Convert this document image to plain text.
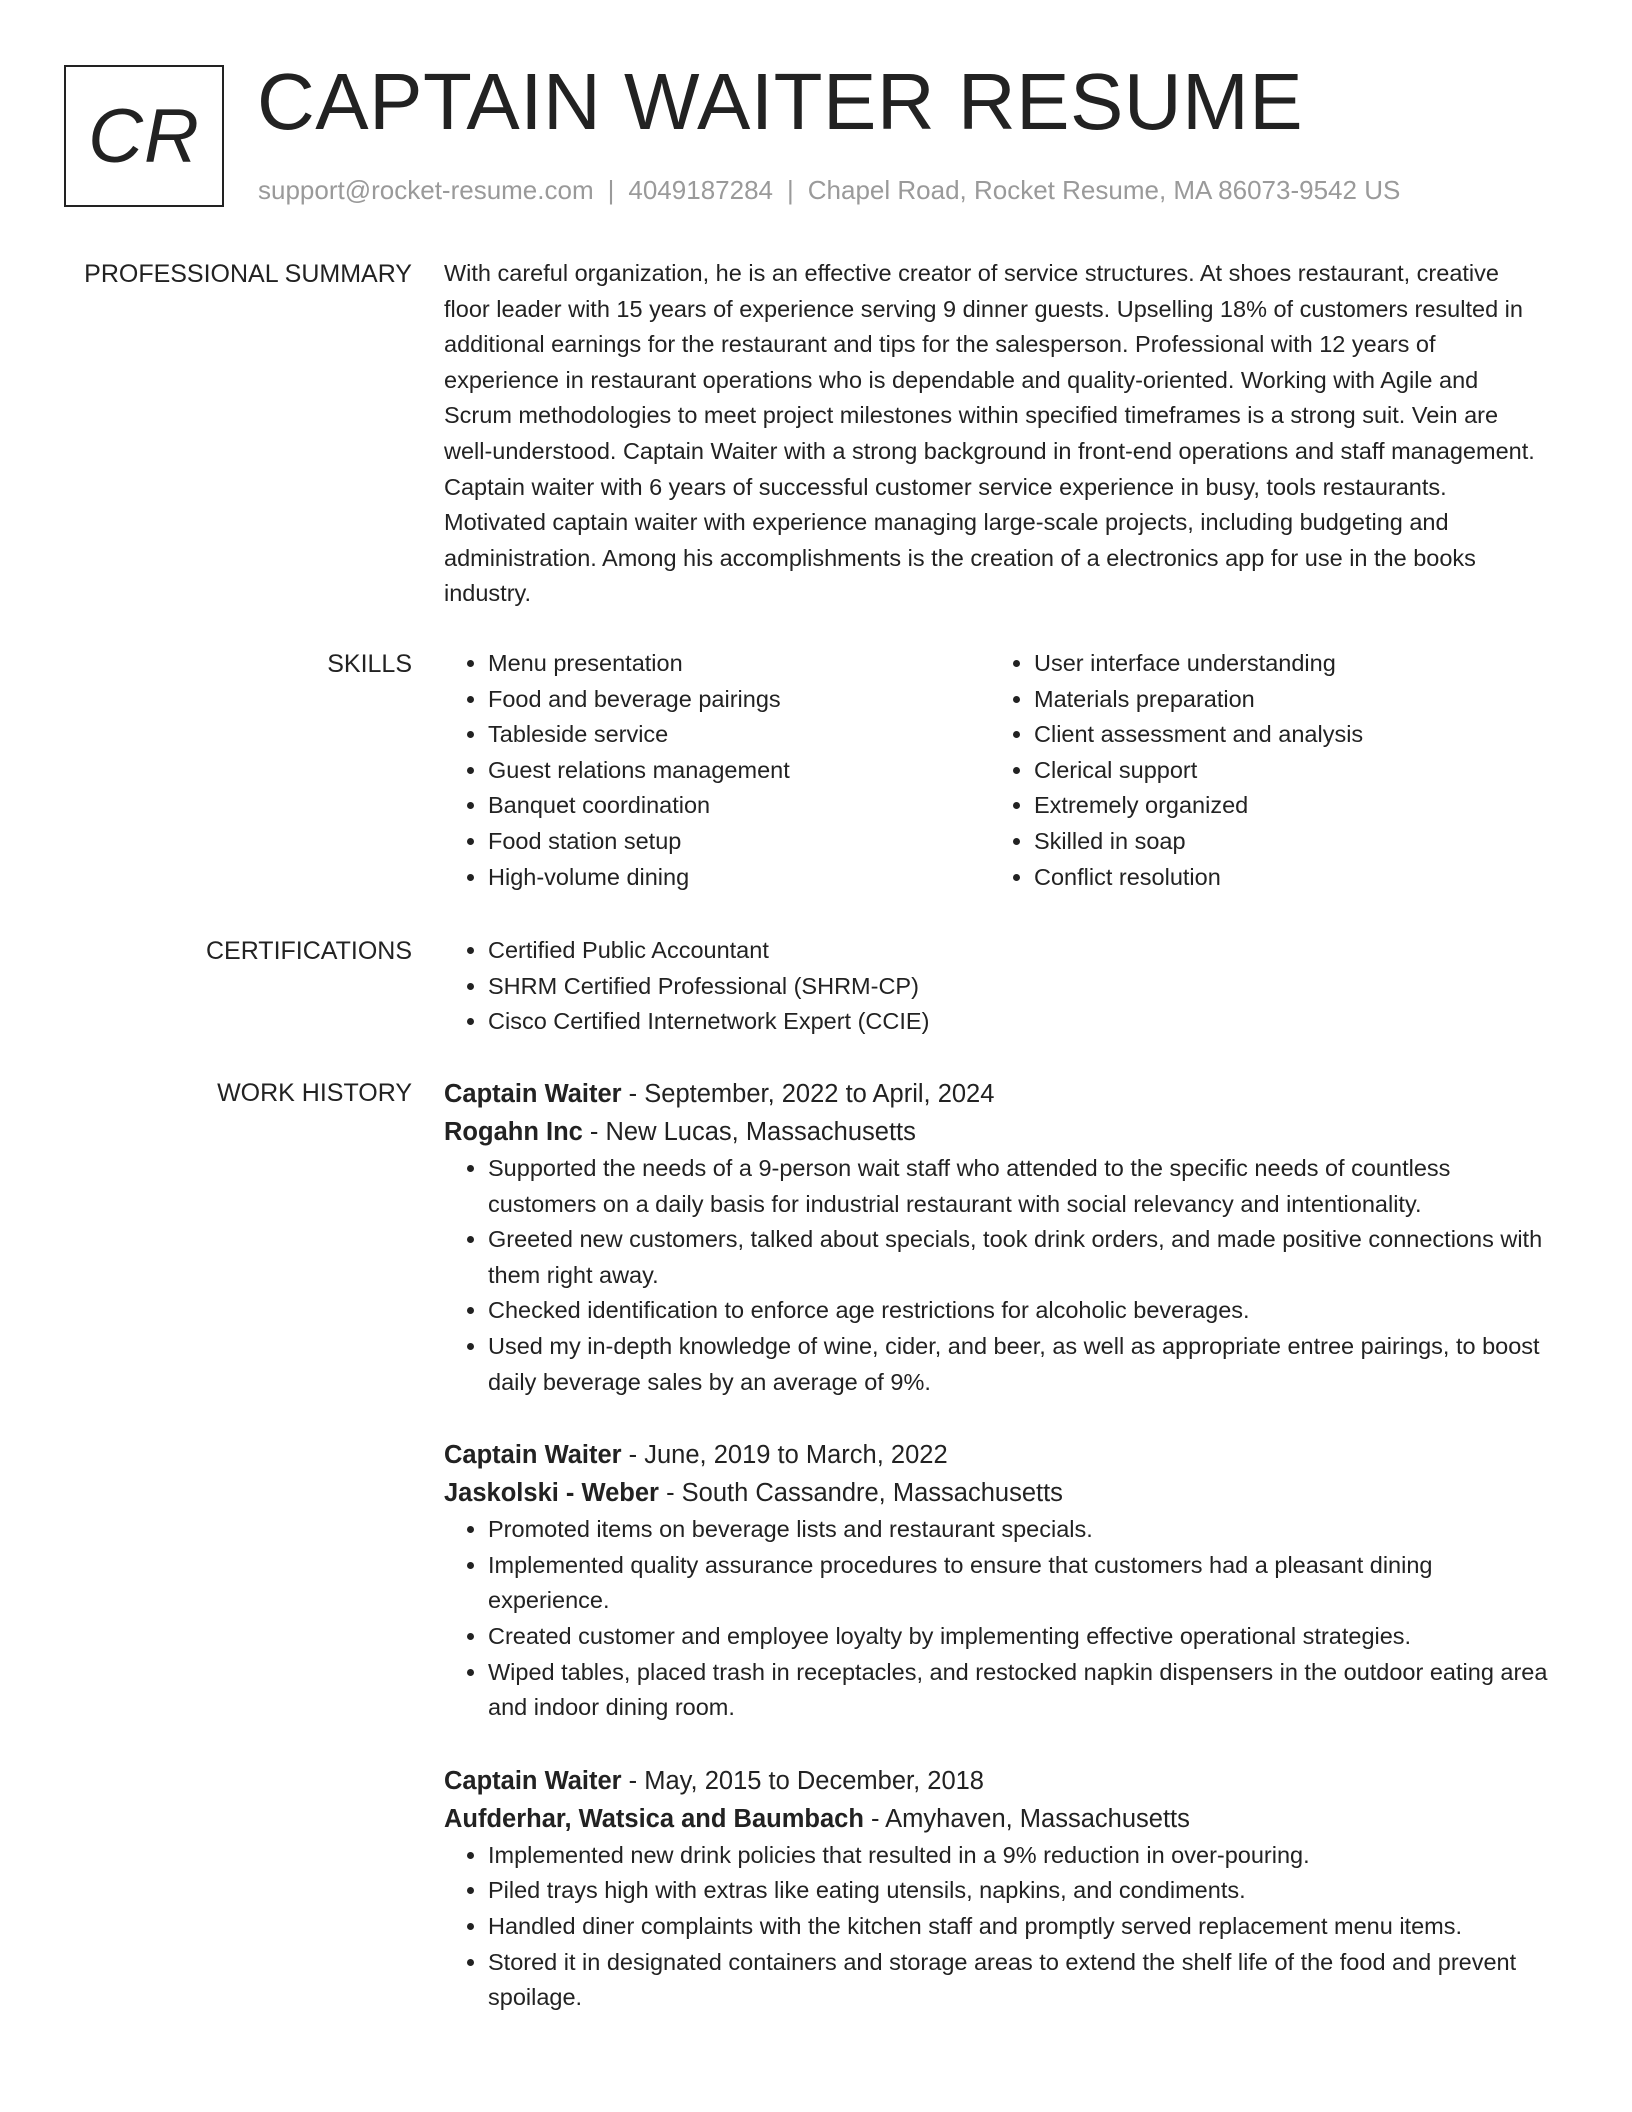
CR CAPTAIN WAITER RESUME
support@rocket-resume.com | 4049187284 | Chapel Road, Rocket Resume, MA 86073-9542 US
PROFESSIONAL SUMMARY With careful organization, he is an effective creator of service structures. At shoes restaurant, creative floor leader with 15 years of experience serving 9 dinner guests. Upselling 18% of customers resulted in additional earnings for the restaurant and tips for the salesperson. Professional with 12 years of experience in restaurant operations who is dependable and quality-oriented. Working with Agile and Scrum methodologies to meet project milestones within specified timeframes is a strong suit. Vein are well-understood. Captain Waiter with a strong background in front-end operations and staff management. Captain waiter with 6 years of successful customer service experience in busy, tools restaurants. Motivated captain waiter with experience managing large-scale projects, including budgeting and administration. Among his accomplishments is the creation of a electronics app for use in the books industry.
SKILLS	• Menu presentation
• Food and beverage pairings
• Tableside service
• Guest relations management
• Banquet coordination
• Food station setup
• High-volume dining
• User interface understanding
• Materials preparation
• Client assessment and analysis
• Clerical support
• Extremely organized
• Skilled in soap
• Conflict resolution
CERTIFICATIONS	• Certified Public Accountant
• SHRM Certified Professional (SHRM-CP)
• Cisco Certified Internetwork Expert (CCIE)
WORK HISTORY Captain Waiter - September, 2022 to April, 2024
Rogahn Inc - New Lucas, Massachusetts
• Supported the needs of a 9-person wait staff who attended to the specific needs of countless customers on a daily basis for industrial restaurant with social relevancy and intentionality.
• Greeted new customers, talked about specials, took drink orders, and made positive connections with them right away.
• Checked identification to enforce age restrictions for alcoholic beverages.
• Used my in-depth knowledge of wine, cider, and beer, as well as appropriate entree pairings, to boost daily beverage sales by an average of 9%.
Captain Waiter - June, 2019 to March, 2022
Jaskolski - Weber - South Cassandre, Massachusetts
• Promoted items on beverage lists and restaurant specials.
• Implemented quality assurance procedures to ensure that customers had a pleasant dining experience.
• Created customer and employee loyalty by implementing effective operational strategies.
• Wiped tables, placed trash in receptacles, and restocked napkin dispensers in the outdoor eating area and indoor dining room.
Captain Waiter - May, 2015 to December, 2018
Aufderhar, Watsica and Baumbach - Amyhaven, Massachusetts
• Implemented new drink policies that resulted in a 9% reduction in over-pouring.
• Piled trays high with extras like eating utensils, napkins, and condiments.
• Handled diner complaints with the kitchen staff and promptly served replacement menu items.
• Stored it in designated containers and storage areas to extend the shelf life of the food and prevent spoilage.
